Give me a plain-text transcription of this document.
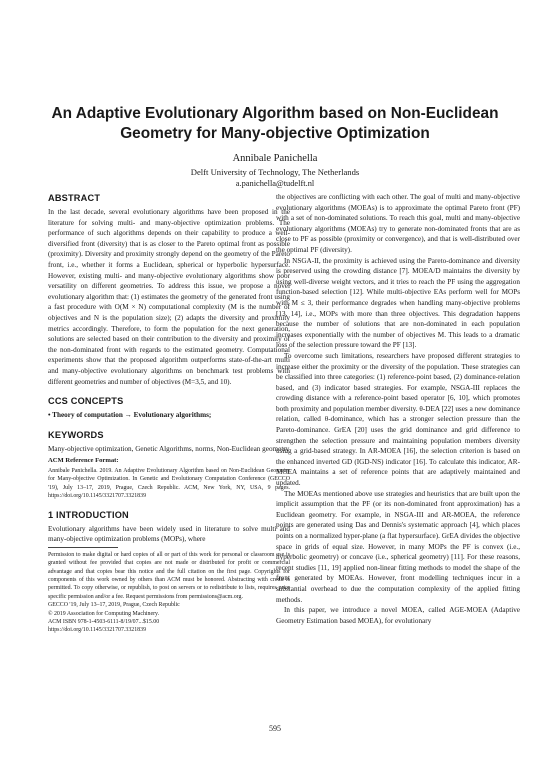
An Adaptive Evolutionary Algorithm based on Non-Euclidean Geometry for Many-objective Optimization
Annibale Panichella
Delft University of Technology, The Netherlands
a.panichella@tudelft.nl
ABSTRACT

In the last decade, several evolutionary algorithms have been proposed in the literature for solving multi- and many-objective optimization problems. The performance of such algorithms depends on their capability to produce a well-diversified front (diversity) that is as closer to the Pareto optimal front as possible (proximity). Diversity and proximity strongly depend on the geometry of the Pareto front, i.e., whether it forms a Euclidean, spherical or hyperbolic hypersurface. However, existing multi- and many-objective evolutionary algorithms show poor versatility on different geometries. To address this issue, we propose a novel evolutionary algorithm that: (1) estimates the geometry of the generated front using a fast procedure with O(M × N) computational complexity (M is the number of objectives and N is the population size); (2) adapts the diversity and proximity metrics accordingly. Therefore, to form the population for the next generation, solutions are selected based on their contribution to the diversity and proximity of the non-dominated front with regards to the estimated geometry. Computational experiments show that the proposed algorithm outperforms state-of-the-art multi and many-objective evolutionary algorithms on benchmark test problems with different geometries and number of objectives (M=3,5, and 10).

CCS CONCEPTS

• Theory of computation → Evolutionary algorithms;

KEYWORDS

Many-objective optimization, Genetic Algorithms, norms, Non-Euclidean geometry

ACM Reference Format:

Annibale Panichella. 2019. An Adaptive Evolutionary Algorithm based on Non-Euclidean Geometry for Many-objective Optimization. In Genetic and Evolutionary Computation Conference (GECCO '19), July 13–17, 2019, Prague, Czech Republic. ACM, New York, NY, USA, 9 pages. https://doi.org/10.1145/3321707.3321839

1 INTRODUCTION

Evolutionary algorithms have been widely used in literature to solve multi and many-objective optimization problems (MOPs), where

Permission to make digital or hard copies of all or part of this work for personal or classroom use is granted without fee provided that copies are not made or distributed for profit or commercial advantage and that copies bear this notice and the full citation on the first page. Copyrights for components of this work owned by others than ACM must be honored. Abstracting with credit is permitted. To copy otherwise, or republish, to post on servers or to redistribute to lists, requires prior specific permission and/or a fee. Request permissions from permissions@acm.org.

GECCO '19, July 13–17, 2019, Prague, Czech Republic
© 2019 Association for Computing Machinery.
ACM ISBN 978-1-4503-6111-8/19/07...$15.00
https://doi.org/10.1145/3321707.3321839

the objectives are conflicting with each other. The goal of multi and many-objective evolutionary algorithms (MOEAs) is to approximate the optimal Pareto front (PF) with a set of non-dominated solutions. To reach this goal, multi and many-objective evolutionary algorithms (MOEAs) try to generate non-dominated fronts that are as close to PF as possible (proximity or convergence), and that is well-distributed over the optimal PF (diversity).

In NSGA-II, the proximity is achieved using the Pareto-dominance and diversity is preserved using the crowding distance [7]. MOEA/D maintains the diversity by using well-diverse weight vectors, and it tries to reach the PF using the aggregation function-based selection [12]. While multi-objective EAs perform well for MOPs with M ≤ 3, their performance degrades when handling many-objective problems [13, 14], i.e., MOPs with more than three objectives. This degradation happens because the number of solutions that are non-dominated in each population increases exponentially with the number of objectives M. This leads to a dramatic loss of the selection pressure toward the PF [13].

To overcome such limitations, researchers have proposed different strategies to increase either the proximity or the diversity of the population. These strategies can be classified into three categories: (1) reference-point based, (2) dominance-relation based, and (3) indicator based strategies. For example, NSGA-III replaces the crowding distance with a reference-point based operator [6, 10], which promotes both proximity and population member diversity. θ-DEA [22] uses a new dominance relation, called θ-dominance, which has a stronger selection pressure than the Pareto-dominance. GrEA [20] uses the grid dominance and grid difference to strengthen the selection pressure and maintaining population members diversity using a grid-based strategy. In AR-MOEA [16], the selection criterion is based on the enhanced inverted GD (IGD-NS) indicator [16]. To calculate this indicator, AR-MOEA maintains a set of reference points that are adaptively maintained and updated.

The MOEAs mentioned above use strategies and heuristics that are built upon the implicit assumption that the PF (or its non-dominated front approximation) has a Euclidean geometry. For example, in NSGA-III and AR-MOEA, the reference points are generated using Das and Dennis's systematic approach [4], which places points on a normalized hyper-plane (a flat hypersurface). GrEA divides the objective space in grids of equal size. However, in many MOPs the PF is convex (i.e., hyperbolic geometry) or concave (i.e., spherical geometry) [11]. For these reasons, recent studies [11, 19] applied non-linear fitting methods to model the shape of the front generated by MOEAs. However, front modelling techniques incur in a substantial overhead to due the computation complexity of the applied fitting methods.

In this paper, we introduce a novel MOEA, called AGE-MOEA (Adaptive Geometry Estimation based MOEA), for evolutionary

595
